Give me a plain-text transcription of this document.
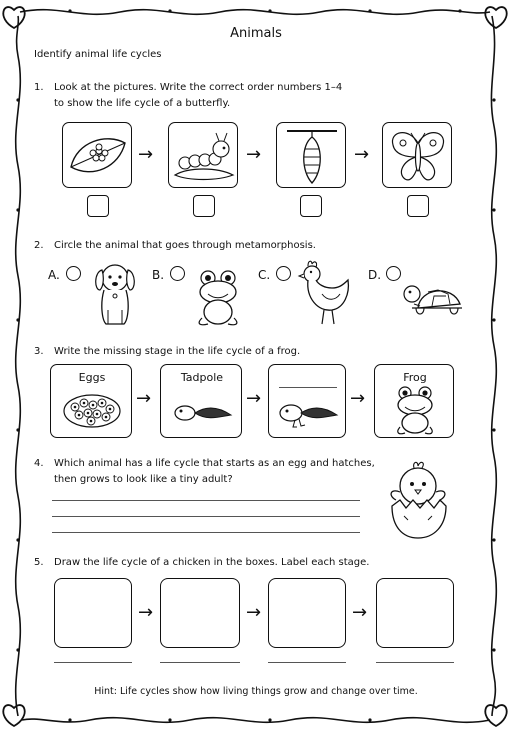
Animals
Identify animal life cycles
1. Look at the pictures. Write the correct order numbers 1–4
to show the life cycle of a butterfly.
→	→	→
2. Circle the animal that goes through metamorphosis.
A.	B.	C.	D.
3. Write the missing stage in the life cycle of a frog.
Eggs
→
Tadpole
→	→
Frog
4. Which animal has a life cycle that starts as an egg and hatches,
then grows to look like a tiny adult?
5. Draw the life cycle of a chicken in the boxes. Label each stage.
→	→	→
Hint: Life cycles show how living things grow and change over time.
